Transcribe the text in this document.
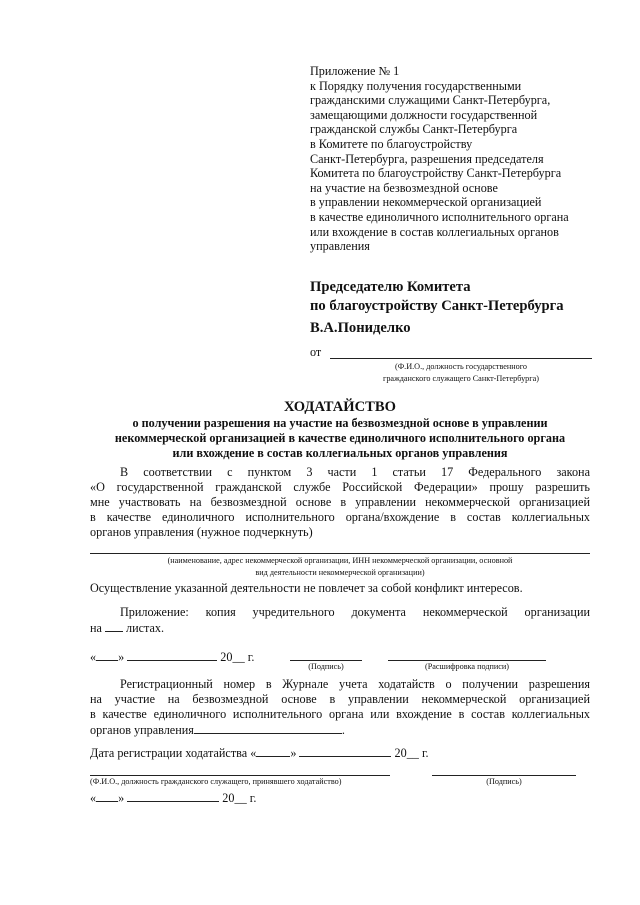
Приложение № 1
к Порядку получения государственными
гражданскими служащими Санкт-Петербурга,
замещающими должности государственной
гражданской службы Санкт-Петербурга
в Комитете по благоустройству
Санкт-Петербурга, разрешения председателя
Комитета по благоустройству Санкт-Петербурга
на участие на безвозмездной основе
в управлении некоммерческой организацией
в качестве единоличного исполнительного органа
или вхождение в состав коллегиальных органов
управления
Председателю Комитета
по благоустройству Санкт-Петербурга
В.А.Пониделко
от
(Ф.И.О., должность государственного
гражданского служащего Санкт-Петербурга)
ХОДАТАЙСТВО
о получении разрешения на участие на безвозмездной основе в управлении
некоммерческой организацией в качестве единоличного исполнительного органа
или вхождение в состав коллегиальных органов управления
В соответствии с пунктом 3 части 1 статьи 17 Федерального закона
«О государственной гражданской службе Российской Федерации» прошу разрешить
мне участвовать на безвозмездной основе в управлении некоммерческой организацией
в качестве единоличного исполнительного органа/вхождение в состав коллегиальных
органов управления (нужное подчеркнуть)
(наименование, адрес некоммерческой организации, ИНН некоммерческой организации, основной
вид деятельности некоммерческой организации)
Осуществление указанной деятельности не повлечет за собой конфликт интересов.
Приложение: копия учредительного документа некоммерческой организации
на листах.
« »	20__ г.
(Подпись)	(Расшифровка подписи)
Регистрационный номер в Журнале учета ходатайств о получении разрешения
на участие на безвозмездной основе в управлении некоммерческой организацией
в качестве единоличного исполнительного органа или вхождение в состав коллегиальных
органов управления	.
Дата регистрации ходатайства «	»	20__ г.
(Ф.И.О., должность гражданского служащего, принявшего ходатайство)	(Подпись)
« »	20__ г.
